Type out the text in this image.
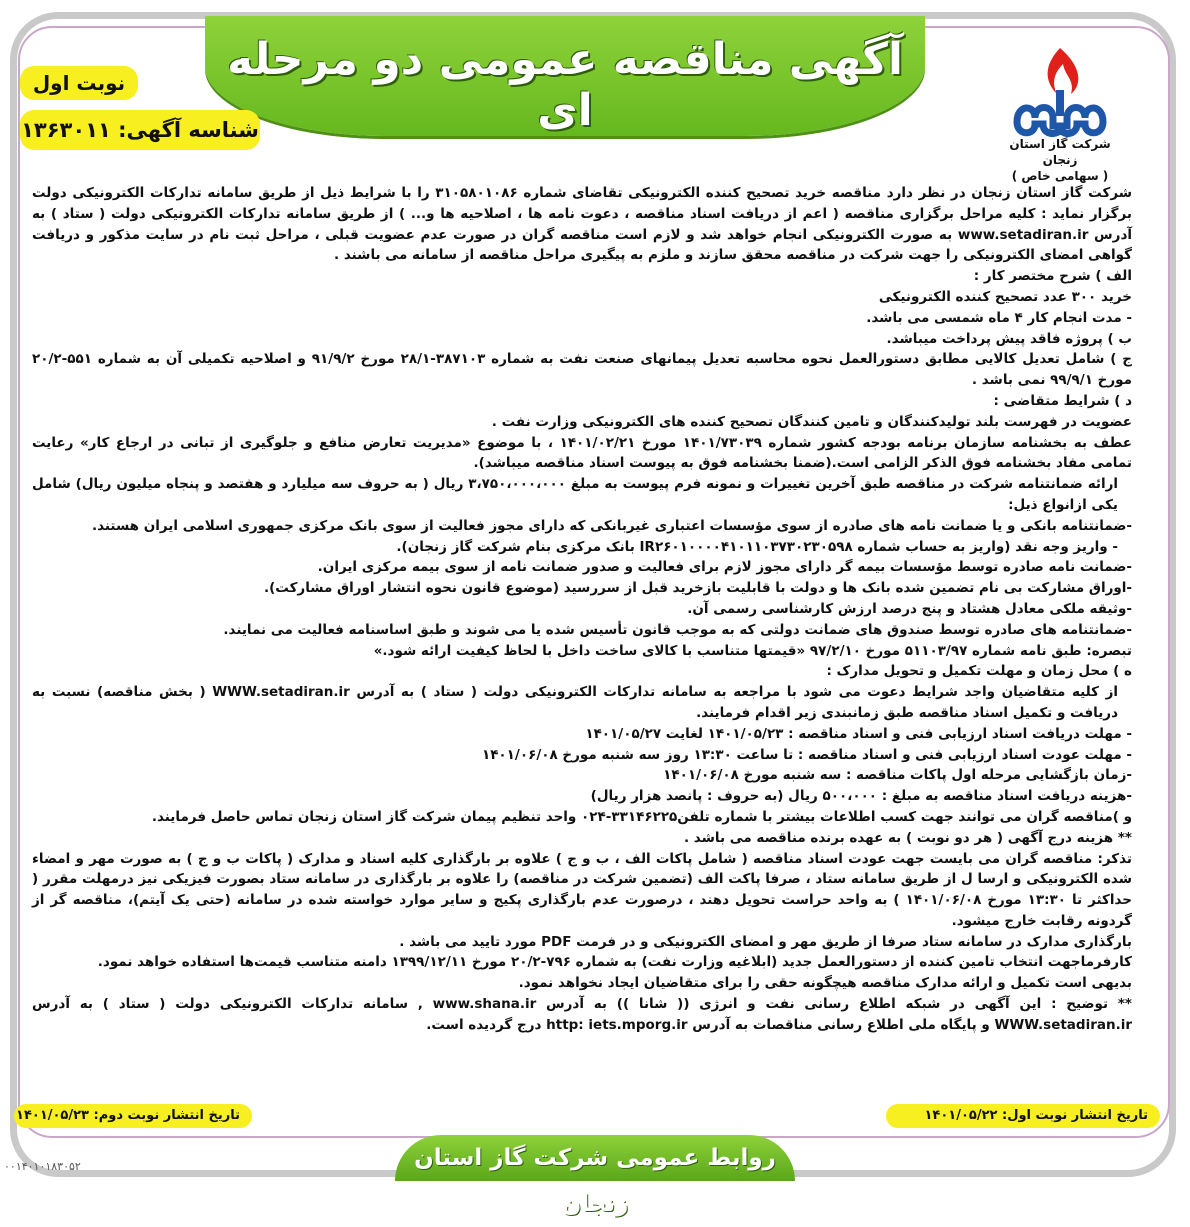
آگهی مناقصه عمومی دو مرحله ای
شرکت گاز استان زنجان
( سهامی خاص )
نوبت اول
شناسه آگهی: ۱۳۶۳۰۱۱

شرکت گاز استان زنجان در نظر دارد مناقصه خرید تصحیح کننده الکترونیکی تقاضای شماره ۳۱۰۵۸۰۱۰۸۶ را با شرایط ذیل از طریق سامانه تدارکات الکترونیکی دولت برگزار نماید : کلیه مراحل برگزاری مناقصه ( اعم از دریافت اسناد مناقصه ، دعوت نامه ها ، اصلاحیه ها و... ) از طریق سامانه تدارکات الکترونیکی دولت ( ستاد ) به آدرس www.setadiran.ir به صورت الکترونیکی انجام خواهد شد و لازم است مناقصه گران در صورت عدم عضویت قبلی ، مراحل ثبت نام در سایت مذکور و دریافت گواهی امضای الکترونیکی را جهت شرکت در مناقصه محقق سازند و ملزم به پیگیری مراحل مناقصه از سامانه می باشند .

الف ) شرح مختصر کار :

خرید ۳۰۰ عدد تصحیح کننده الکترونیکی

- مدت انجام کار ۴ ماه شمسی می باشد.

ب ) پروژه فاقد پیش پرداخت میباشد.

ج ) شامل تعدیل کالایی مطابق دستورالعمل نحوه محاسبه تعدیل پیمانهای صنعت نفت به شماره ۳۸۷۱۰۳-۲۸/۱ مورخ ۹۱/۹/۲ و اصلاحیه تکمیلی آن به شماره ۵۵۱-۲۰/۲ مورخ ۹۹/۹/۱ نمی باشد .

د ) شرایط متقاضی :

عضویت در فهرست بلند تولیدکنندگان و تامین کنندگان تصحیح کننده های الکترونیکی وزارت نفت .

عطف به بخشنامه سازمان برنامه بودجه کشور شماره ۱۴۰۱/۷۳۰۳۹ مورخ ۱۴۰۱/۰۲/۲۱ ، با موضوع «مدیریت تعارض منافع و جلوگیری از تبانی در ارجاع کار» رعایت تمامی مفاد بخشنامه فوق الذکر الزامی است.(ضمنا بخشنامه فوق به پیوست اسناد مناقصه میباشد).

ارائه ضمانتنامه شرکت در مناقصه طبق آخرین تغییرات و نمونه فرم پیوست به مبلغ ۳،۷۵۰،۰۰۰،۰۰۰ ریال ( به حروف سه میلیارد و هفتصد و پنجاه میلیون ریال) شامل یکی ازانواع ذیل:

-ضمانتنامه بانکی و یا ضمانت نامه های صادره از سوی مؤسسات اعتباری غیربانکی که دارای مجوز فعالیت از سوی بانک مرکزی جمهوری اسلامی ایران هستند.

- واریز وجه نقد (واریز به حساب شماره IR۲۶۰۱۰۰۰۰۴۱۰۱۱۰۳۷۳۰۲۳۰۵۹۸ بانک مرکزی بنام شرکت گاز زنجان).

-ضمانت نامه صادره توسط مؤسسات بیمه گر دارای مجوز لازم برای فعالیت و صدور ضمانت نامه از سوی بیمه مرکزی ایران.

-اوراق مشارکت بی نام تضمین شده بانک ها و دولت با قابلیت بازخرید قبل از سررسید (موضوع قانون نحوه انتشار اوراق مشارکت).

-وثیقه ملکی معادل هشتاد و پنج درصد ارزش کارشناسی رسمی آن.

-ضمانتنامه های صادره توسط صندوق های ضمانت دولتی که به موجب قانون تأسیس شده یا می شوند و طبق اساسنامه فعالیت می نمایند.

تبصره: طبق نامه شماره ۵۱۱۰۳/۹۷ مورخ ۹۷/۲/۱۰ «قیمتها متناسب با کالای ساخت داخل با لحاظ کیفیت ارائه شود.»

ه ) محل زمان و مهلت تکمیل و تحویل مدارک :

از کلیه متقاضیان واجد شرایط دعوت می شود با مراجعه به سامانه تدارکات الکترونیکی دولت ( ستاد ) به آدرس WWW.setadiran.ir ( بخش مناقصه) نسبت به دریافت و تکمیل اسناد مناقصه طبق زمانبندی زیر اقدام فرمایند.

- مهلت دریافت اسناد ارزیابی فنی و اسناد مناقصه : ۱۴۰۱/۰۵/۲۳ لغایت ۱۴۰۱/۰۵/۲۷

- مهلت عودت اسناد ارزیابی فنی و اسناد مناقصه : تا ساعت ۱۳:۳۰ روز سه شنبه مورخ ۱۴۰۱/۰۶/۰۸

-زمان بازگشایی مرحله اول پاکات مناقصه : سه شنبه مورخ ۱۴۰۱/۰۶/۰۸

-هزینه دریافت اسناد مناقصه به مبلغ : ۵۰۰،۰۰۰ ریال (به حروف : پانصد هزار ریال)

و )مناقصه گران می توانند جهت کسب اطلاعات بیشتر با شماره تلفن۳۳۱۴۶۲۲۵-۰۲۴ واحد تنظیم پیمان شرکت گاز استان زنجان تماس حاصل فرمایند.

** هزینه درج آگهی ( هر دو نوبت ) به عهده برنده مناقصه می باشد .

تذکر: مناقصه گران می بایست جهت عودت اسناد مناقصه ( شامل پاکات الف ، ب و ج ) علاوه بر بارگذاری کلیه اسناد و مدارک ( پاکات ب و ج ) به صورت مهر و امضاء شده الکترونیکی و ارسا ل از طریق سامانه ستاد ، صرفا پاکت الف (تضمین شرکت در مناقصه) را علاوه بر بارگذاری در سامانه ستاد بصورت فیزیکی نیز درمهلت مقرر ( حداکثر تا ۱۳:۳۰ مورخ ۱۴۰۱/۰۶/۰۸ ) به واحد حراست تحویل دهند ، درصورت عدم بارگذاری پکیج و سایر موارد خواسته شده در سامانه (حتی یک آیتم)، مناقصه گر از گردونه رقابت خارج میشود.

بارگذاری مدارک در سامانه ستاد صرفا از طریق مهر و امضای الکترونیکی و در فرمت PDF مورد تایید می باشد .

کارفرماجهت انتخاب تامین کننده از دستورالعمل جدید (ابلاغیه وزارت نفت) به شماره ۷۹۶-۲۰/۲ مورخ ۱۳۹۹/۱۲/۱۱ دامنه متناسب قیمت‌ها استفاده خواهد نمود.

بدیهی است تکمیل و ارائه مدارک مناقصه هیچگونه حقی را برای متقاضیان ایجاد نخواهد نمود.

** توضیح : این آگهی در شبکه اطلاع رسانی نفت و انرژی (( شانا )) به آدرس www.shana.ir , سامانه تدارکات الکترونیکی دولت ( ستاد ) به آدرس WWW.setadiran.ir و پایگاه ملی اطلاع رسانی مناقصات به آدرس http: iets.mporg.ir درج گردیده است.

تاریخ انتشار نوبت اول: ۱۴۰۱/۰۵/۲۲
تاریخ انتشار نوبت دوم: ۱۴۰۱/۰۵/۲۳
روابط عمومی شرکت گاز استان زنجان
۰۰۱۴۰۱۰۱۸۳۰۵۲
